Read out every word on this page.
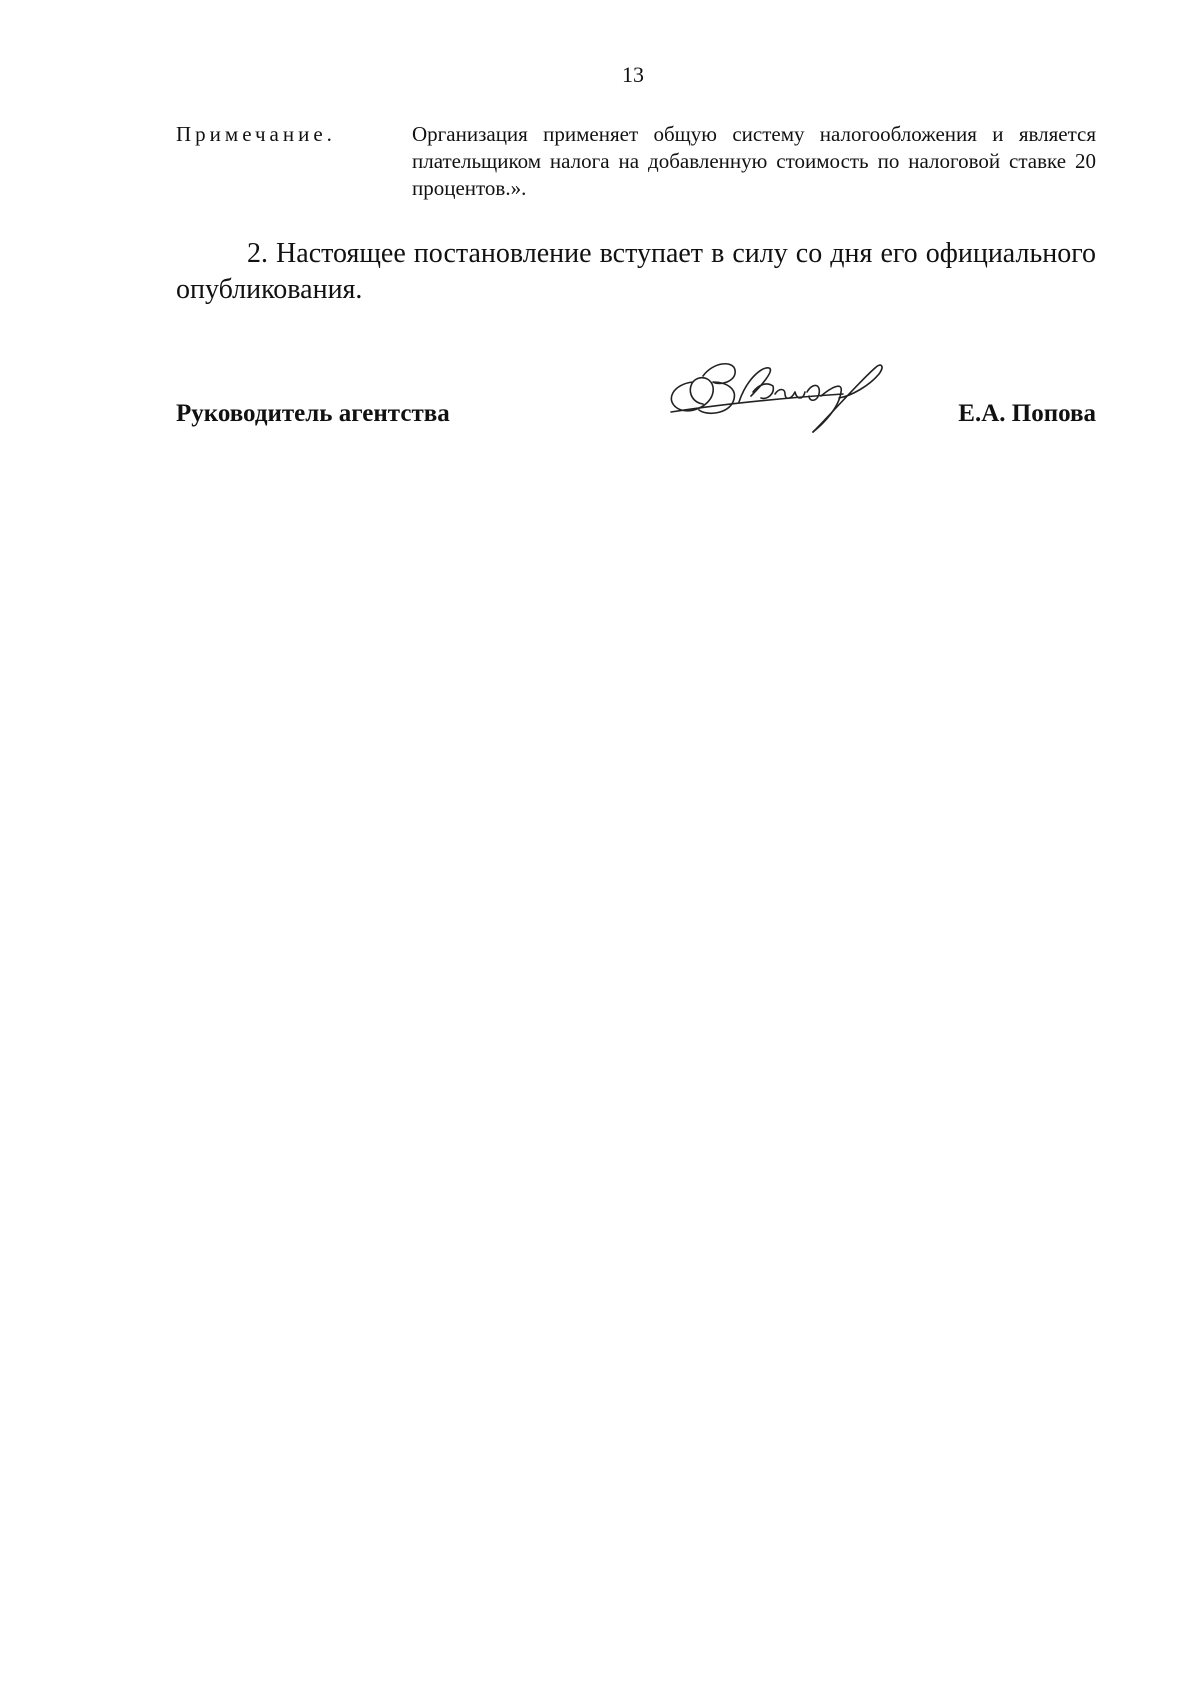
13
Примечание.	Организация применяет общую систему налогообложения и является плательщиком налога на добавленную стоимость по налоговой ставке 20 процентов.».

2. Настоящее постановление вступает в силу со дня его официального опубликования.

Руководитель агентства	Е.А. Попова
